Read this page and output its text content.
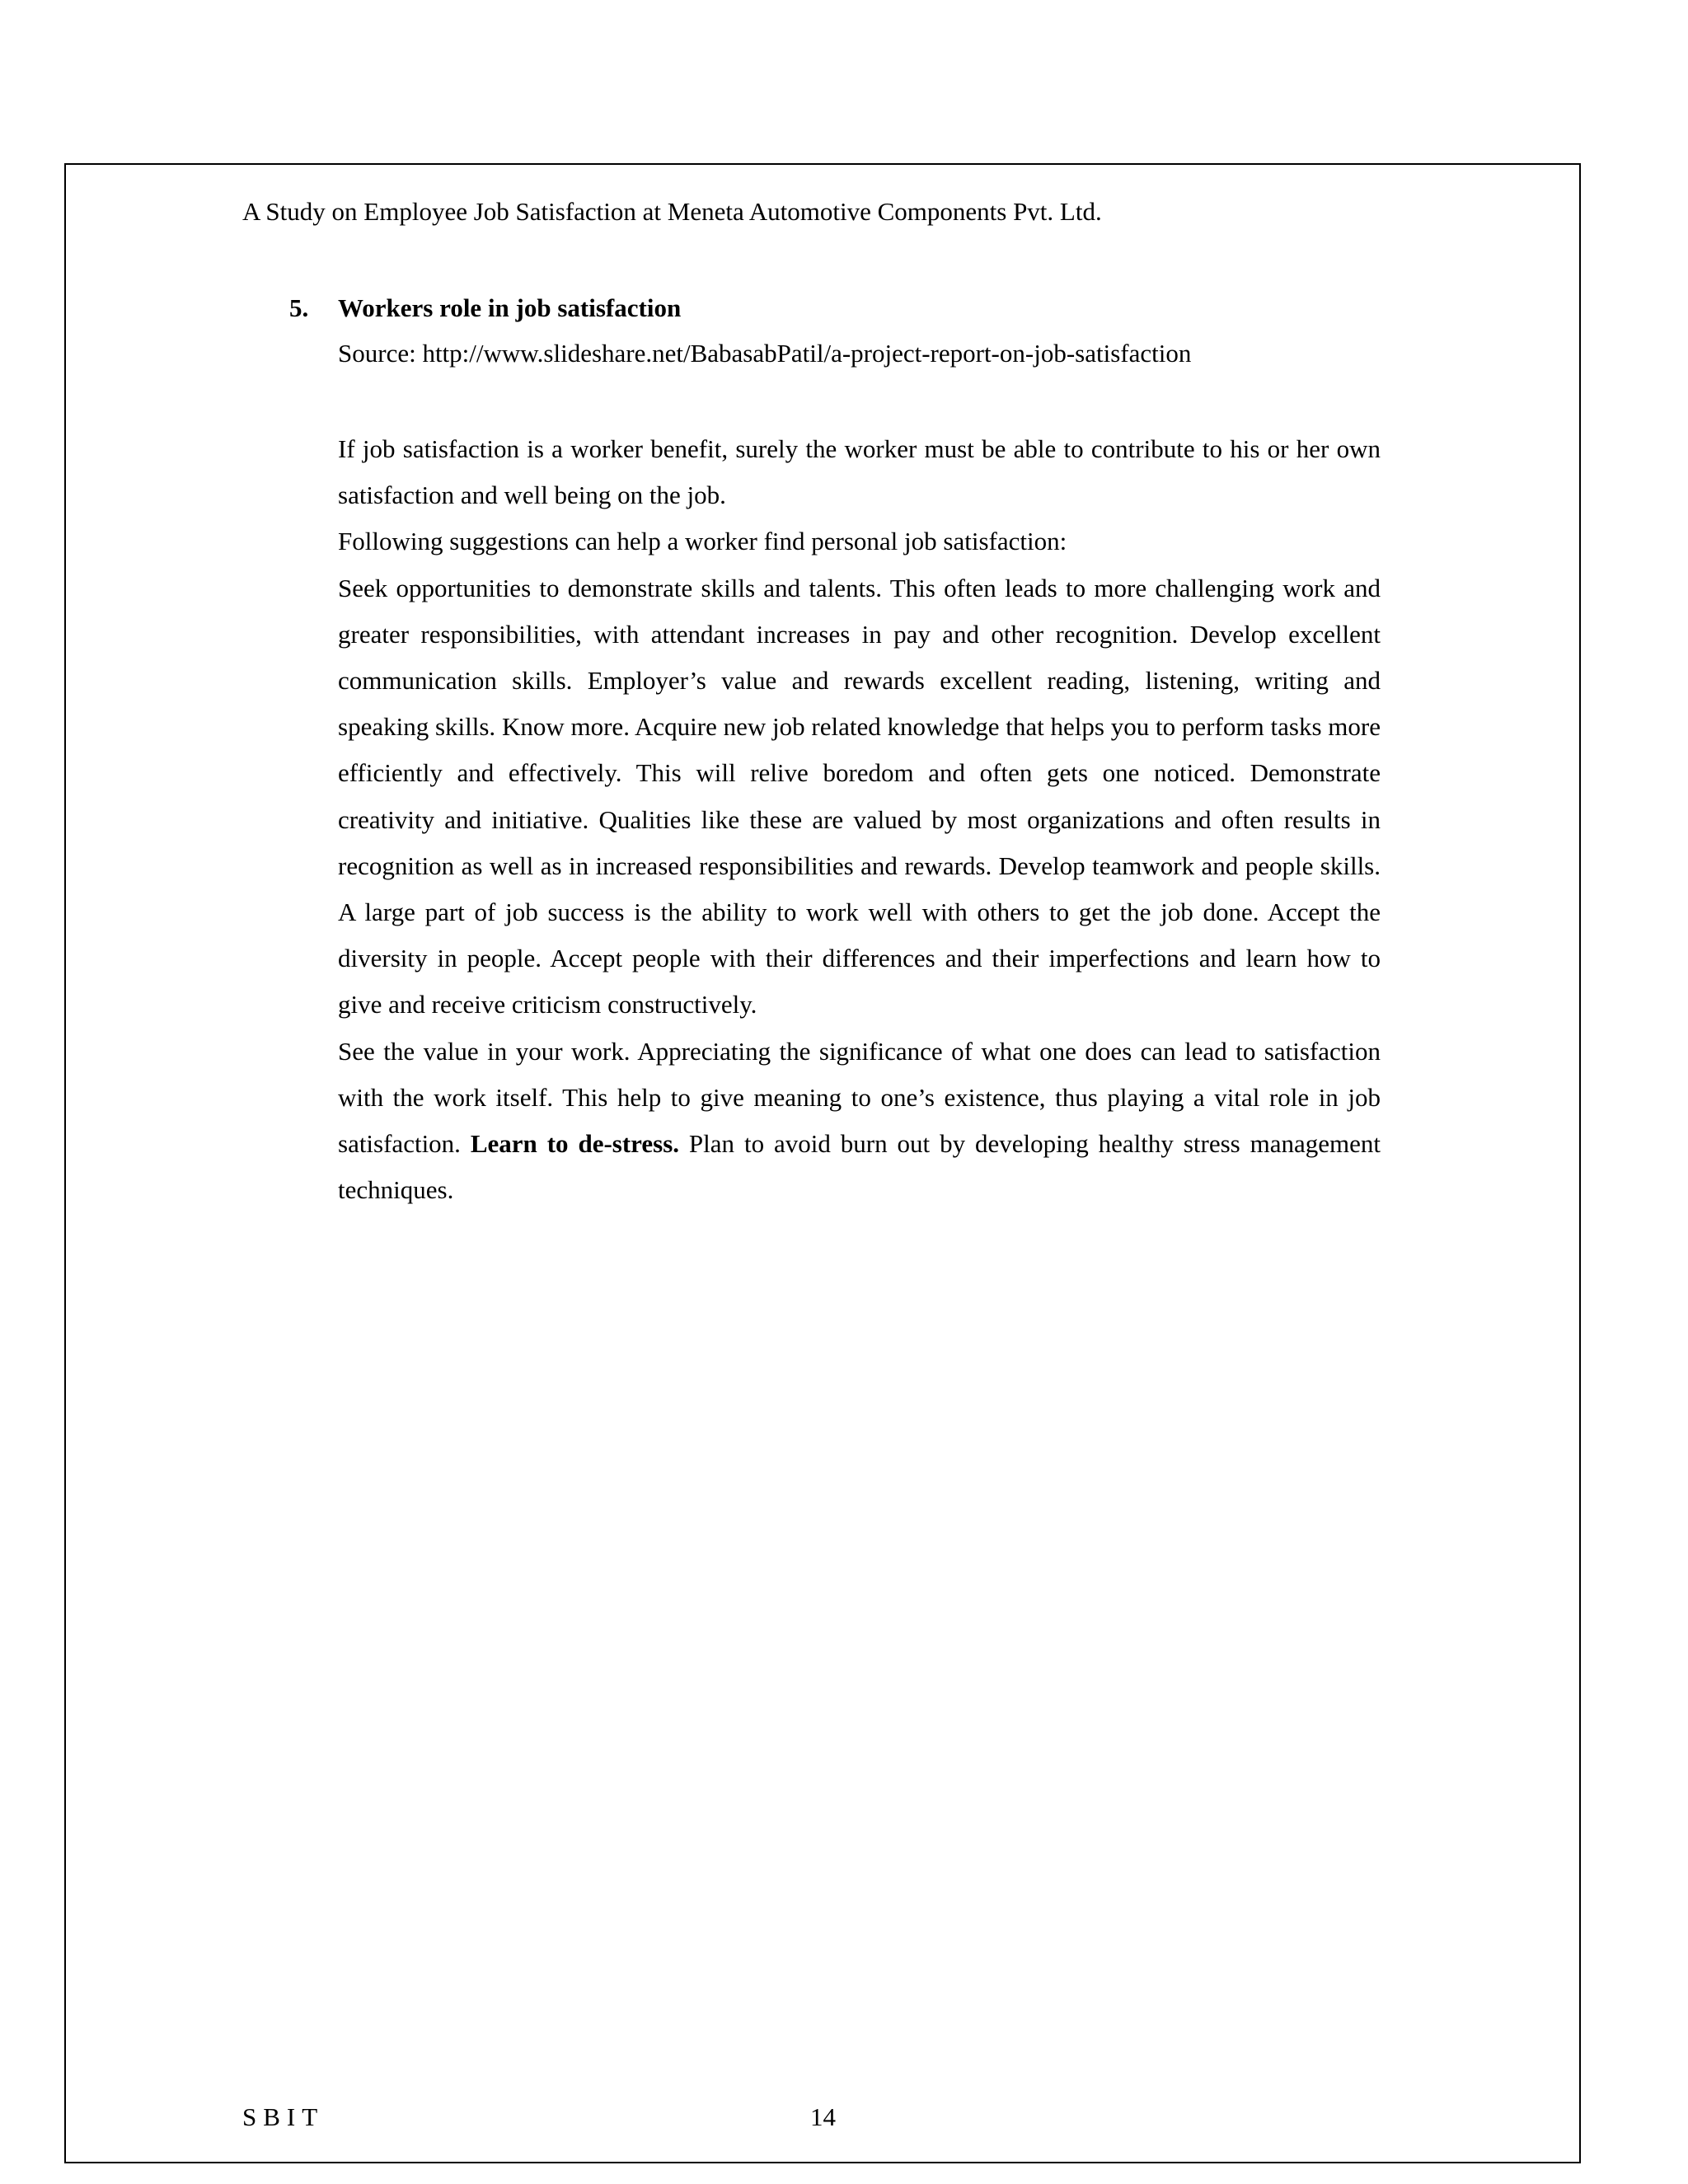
A Study on Employee Job Satisfaction at Meneta Automotive Components Pvt. Ltd.
5. Workers role in job satisfaction
Source: http://www.slideshare.net/BabasabPatil/a-project-report-on-job-satisfaction

If job satisfaction is a worker benefit, surely the worker must be able to contribute to his or her own satisfaction and well being on the job.

Following suggestions can help a worker find personal job satisfaction:

Seek opportunities to demonstrate skills and talents. This often leads to more challenging work and greater responsibilities, with attendant increases in pay and other recognition. Develop excellent communication skills. Employer’s value and rewards excellent reading, listening, writing and speaking skills. Know more. Acquire new job related knowledge that helps you to perform tasks more efficiently and effectively. This will relive boredom and often gets one noticed. Demonstrate creativity and initiative. Qualities like these are valued by most organizations and often results in recognition as well as in increased responsibilities and rewards. Develop teamwork and people skills. A large part of job success is the ability to work well with others to get the job done. Accept the diversity in people. Accept people with their differences and their imperfections and learn how to give and receive criticism constructively.

See the value in your work. Appreciating the significance of what one does can lead to satisfaction with the work itself. This help to give meaning to one’s existence, thus playing a vital role in job satisfaction. Learn to de-stress. Plan to avoid burn out by developing healthy stress management techniques.

SBIT	14
